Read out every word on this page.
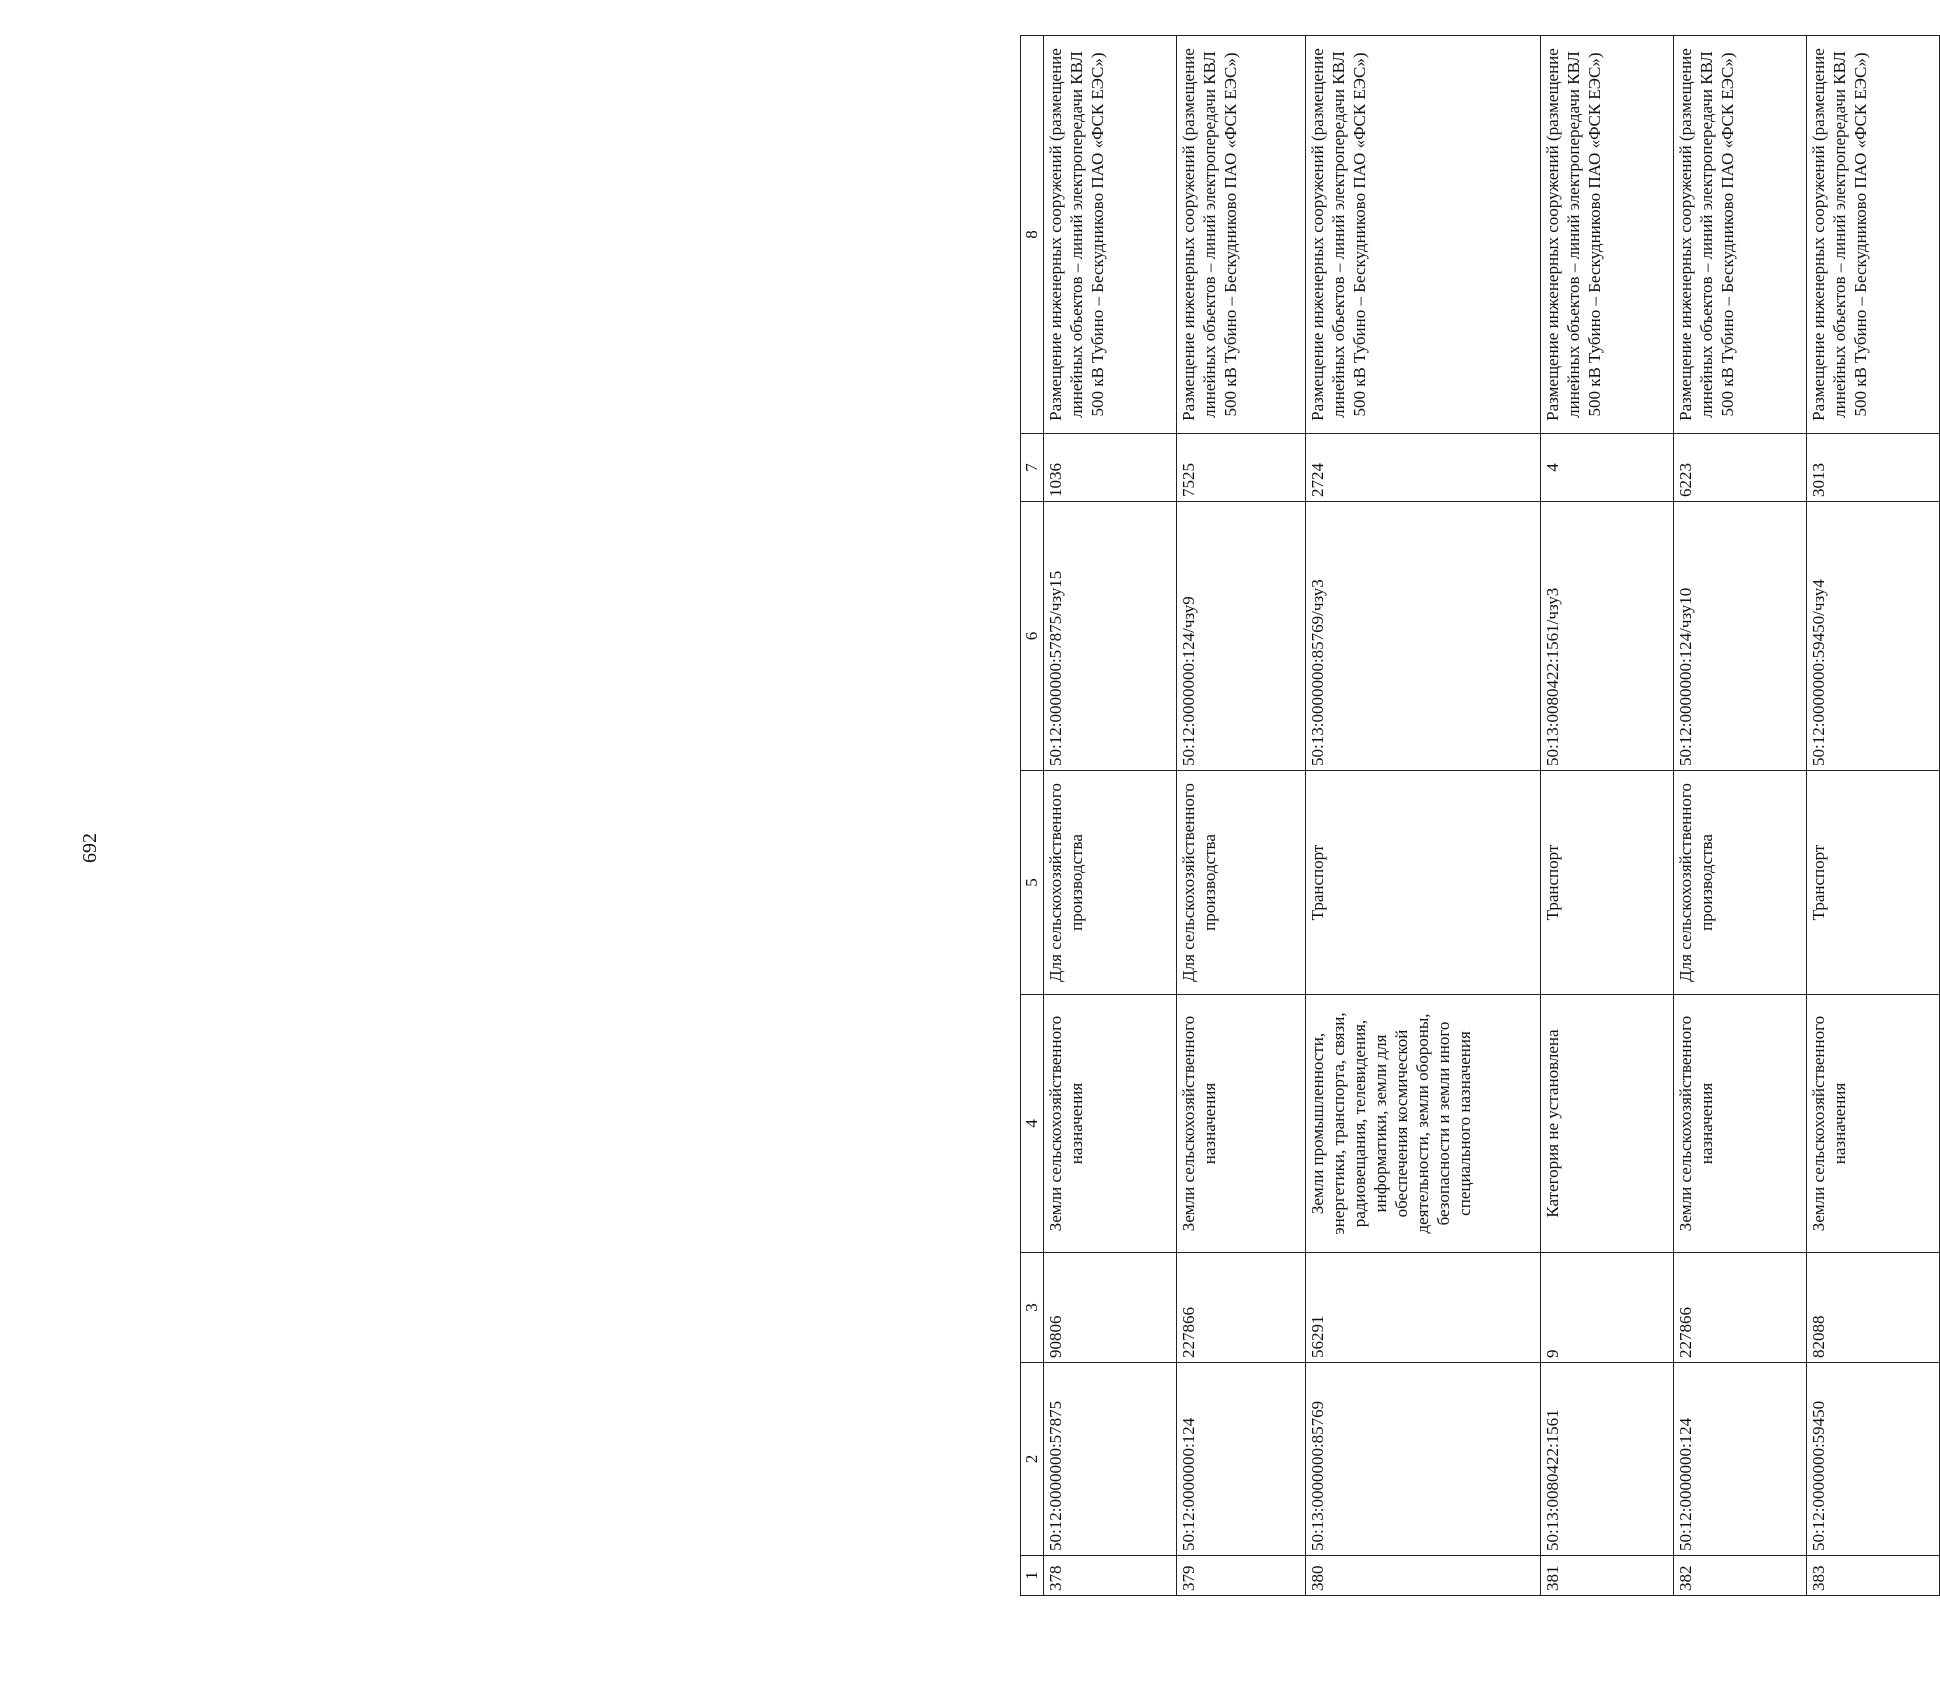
692
1	2	3	4	5	6	7	8
378	50:12:0000000:57875	90806	Земли сельскохозяйственного назначения	Для сельскохозяйственного производства	50:12:0000000:57875/чзу15	1036	Размещение инженерных сооружений (размещение линейных объектов – линий электропередачи КВЛ 500 кВ Тубино – Бескудниково ПАО «ФСК ЕЭС»)
379	50:12:0000000:124	227866	Земли сельскохозяйственного назначения	Для сельскохозяйственного производства	50:12:0000000:124/чзу9	7525	Размещение инженерных сооружений (размещение линейных объектов – линий электропередачи КВЛ 500 кВ Тубино – Бескудниково ПАО «ФСК ЕЭС»)
380	50:13:0000000:85769	56291	Земли промышленности, энергетики, транспорта, связи, радиовещания, телевидения, информатики, земли для обеспечения космической деятельности, земли обороны, безопасности и земли иного специального назначения	Транспорт	50:13:0000000:85769/чзу3	2724	Размещение инженерных сооружений (размещение линейных объектов – линий электропередачи КВЛ 500 кВ Тубино – Бескудниково ПАО «ФСК ЕЭС»)
381	50:13:0080422:1561	9	Категория не установлена	Транспорт	50:13:0080422:1561/чзу3	4	Размещение инженерных сооружений (размещение линейных объектов – линий электропередачи КВЛ 500 кВ Тубино – Бескудниково ПАО «ФСК ЕЭС»)
382	50:12:0000000:124	227866	Земли сельскохозяйственного назначения	Для сельскохозяйственного производства	50:12:0000000:124/чзу10	6223	Размещение инженерных сооружений (размещение линейных объектов – линий электропередачи КВЛ 500 кВ Тубино – Бескудниково ПАО «ФСК ЕЭС»)
383	50:12:0000000:59450	82088	Земли сельскохозяйственного назначения	Транспорт	50:12:0000000:59450/чзу4	3013	Размещение инженерных сооружений (размещение линейных объектов – линий электропередачи КВЛ 500 кВ Тубино – Бескудниково ПАО «ФСК ЕЭС»)
